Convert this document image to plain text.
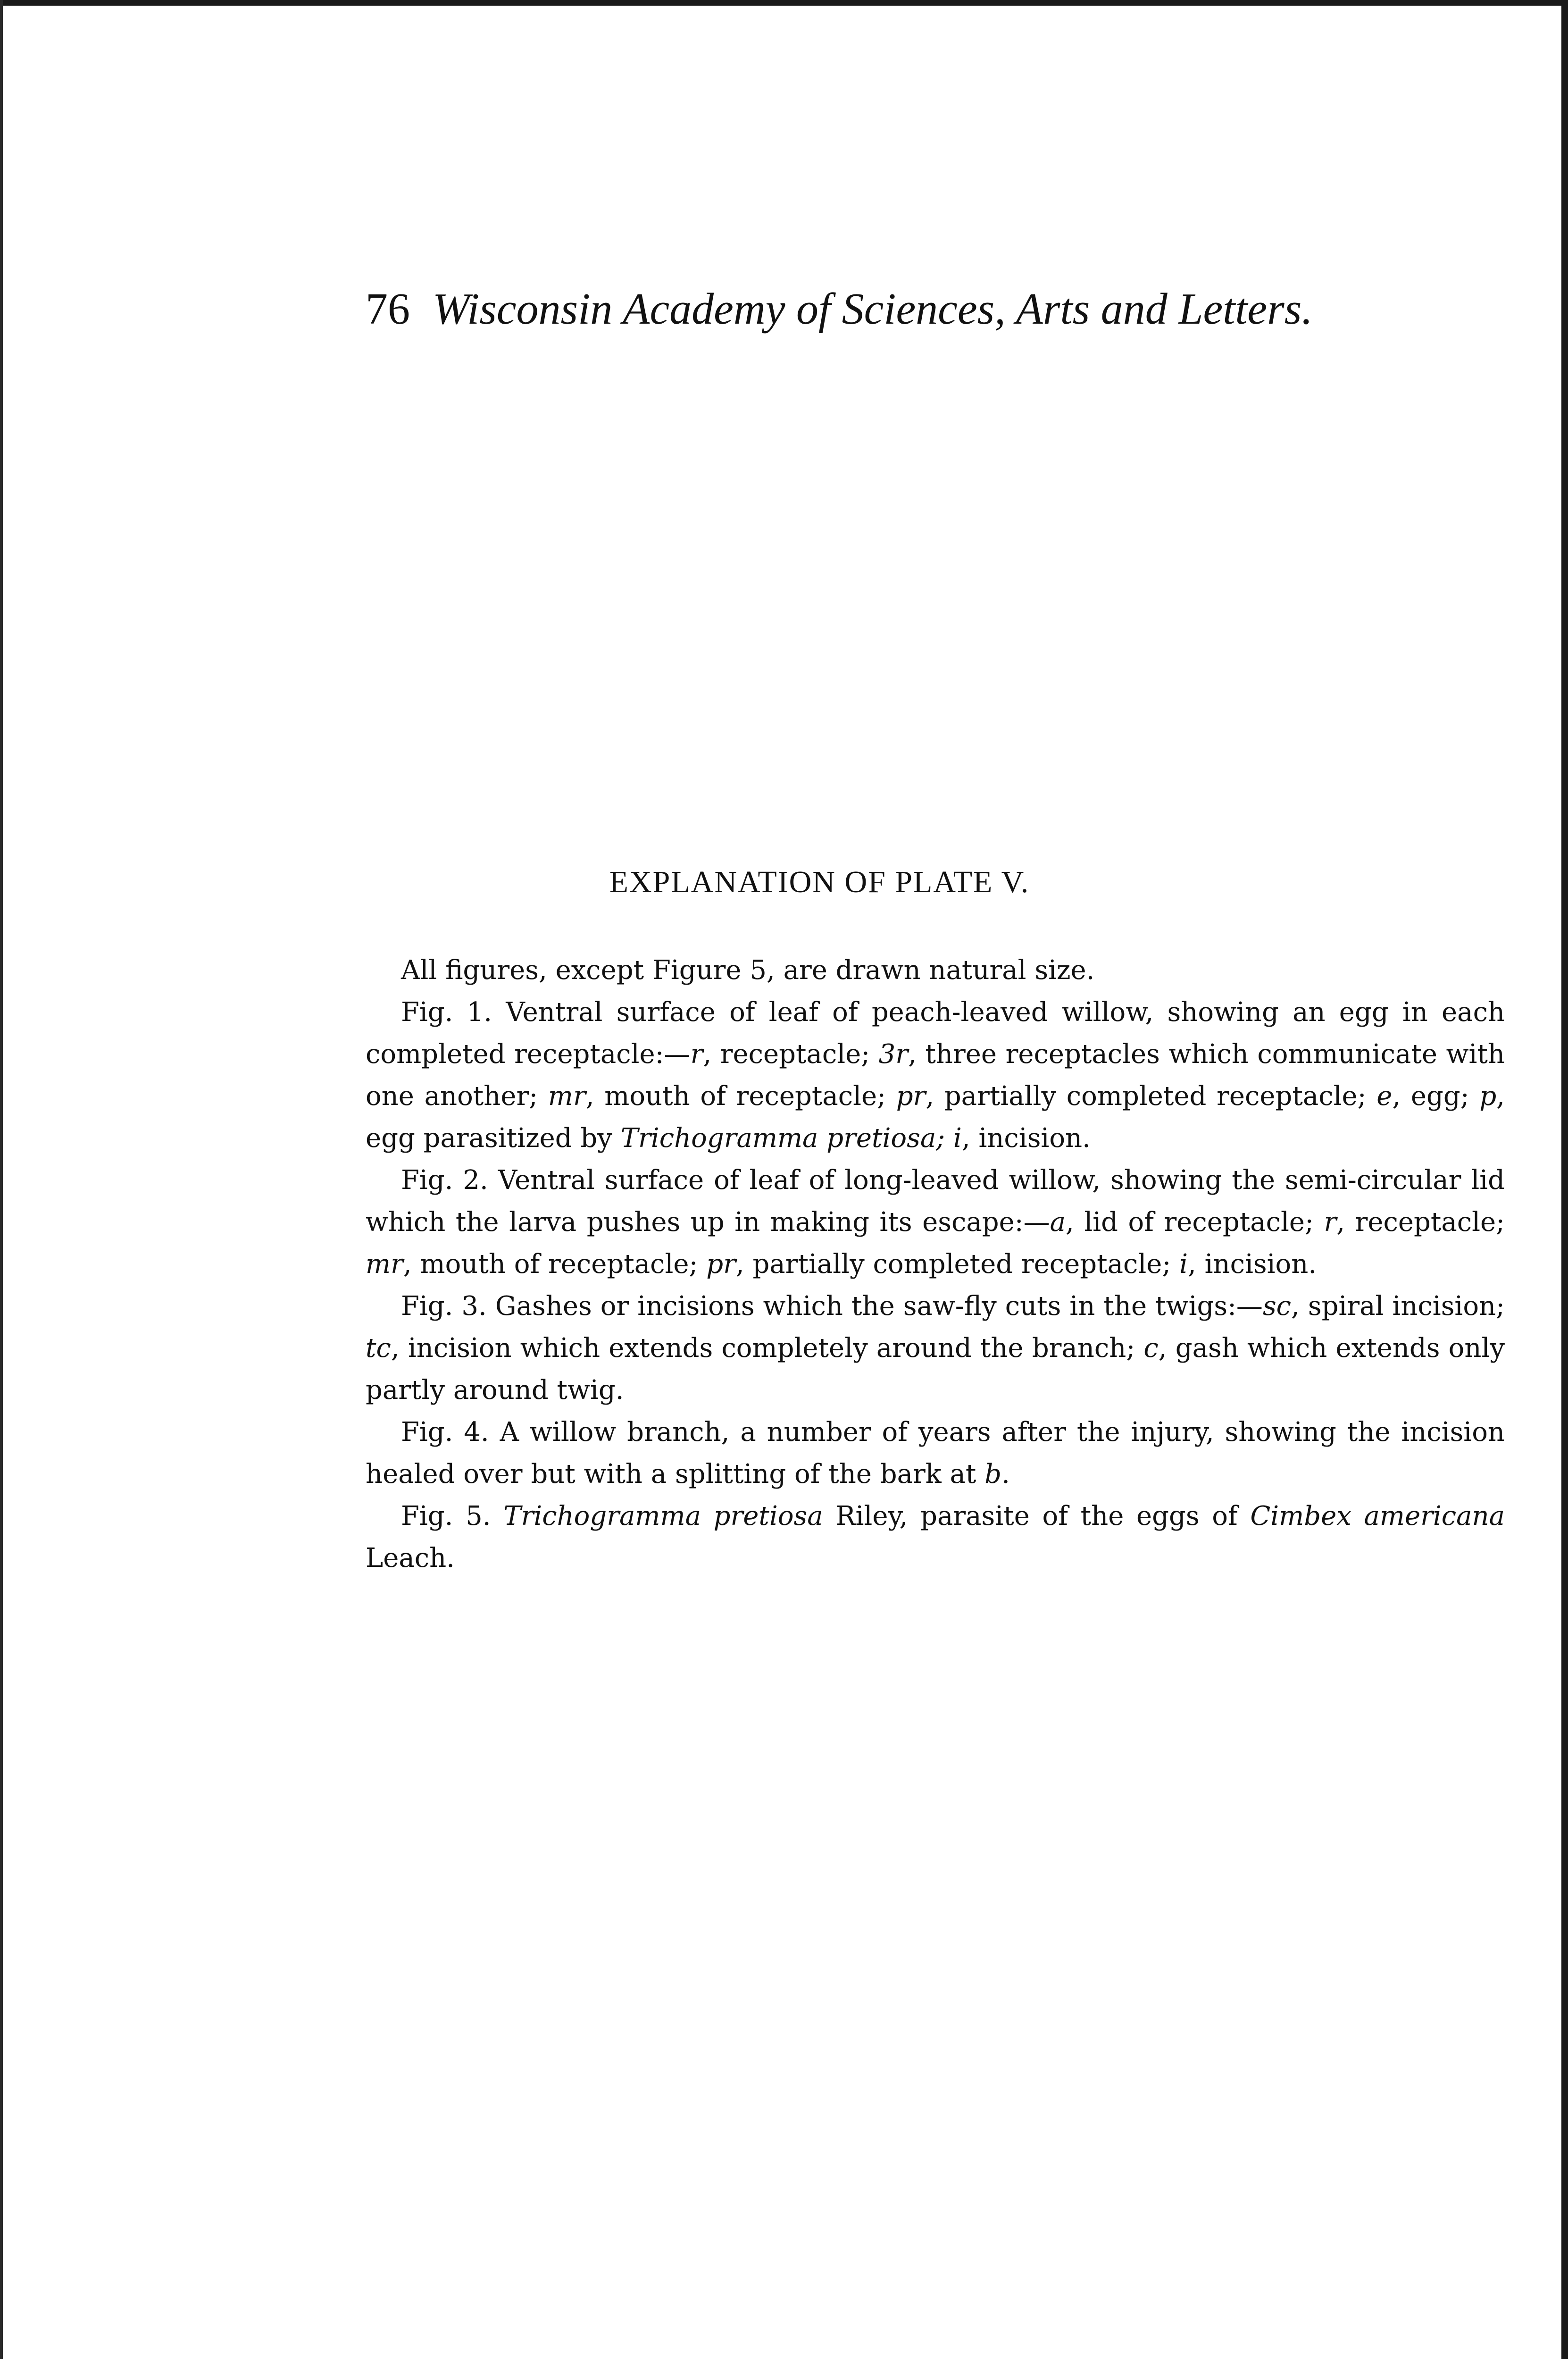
76 Wisconsin Academy of Sciences, Arts and Letters.
EXPLANATION OF PLATE V.

All figures, except Figure 5, are drawn natural size.

Fig. 1. Ventral surface of leaf of peach-leaved willow, showing an egg in each completed receptacle:—r, receptacle; 3r, three receptacles which communicate with one another; mr, mouth of receptacle; pr, partially completed receptacle; e, egg; p, egg parasitized by Trichogramma pretiosa; i, incision.

Fig. 2. Ventral surface of leaf of long-leaved willow, showing the semi-circular lid which the larva pushes up in making its escape:—a, lid of receptacle; r, receptacle; mr, mouth of receptacle; pr, partially completed receptacle; i, incision.

Fig. 3. Gashes or incisions which the saw-fly cuts in the twigs:—sc, spiral incision; tc, incision which extends completely around the branch; c, gash which extends only partly around twig.

Fig. 4. A willow branch, a number of years after the injury, showing the incision healed over but with a splitting of the bark at b.

Fig. 5. Trichogramma pretiosa Riley, parasite of the eggs of Cimbex americana Leach.
